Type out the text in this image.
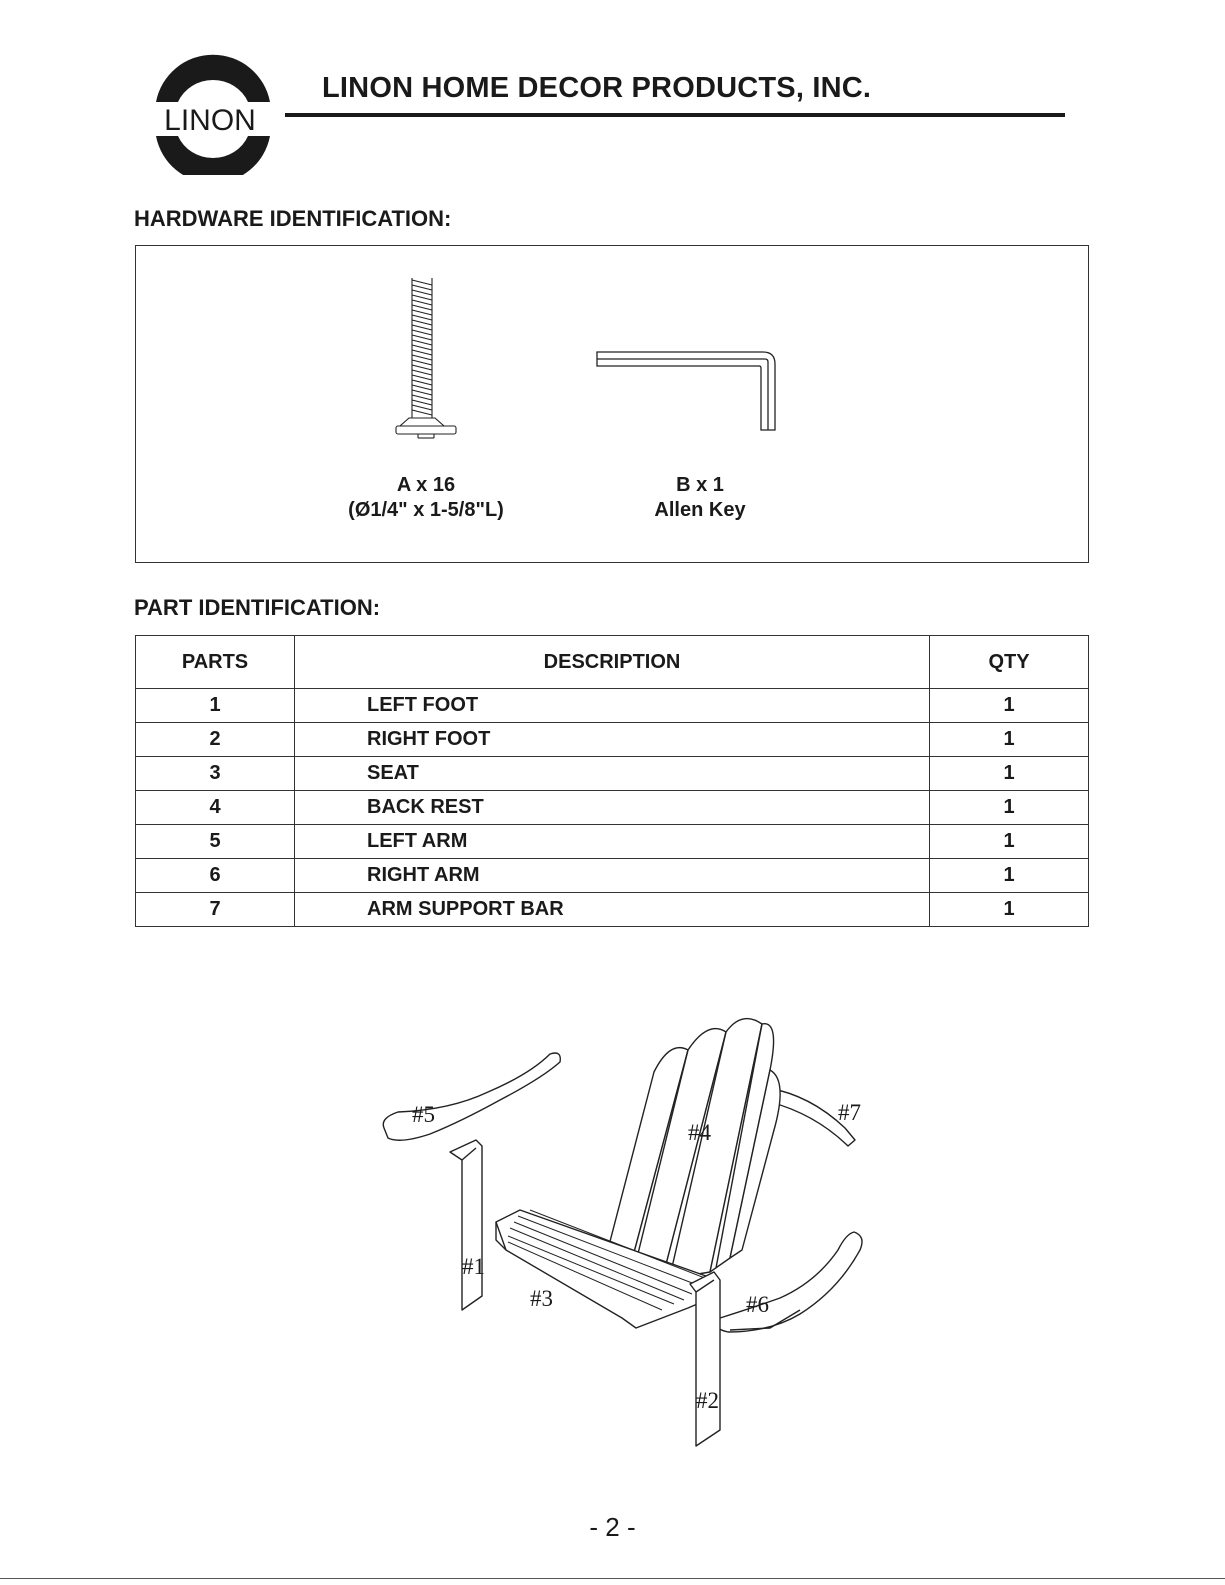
LINON
LINON HOME DECOR PRODUCTS, INC.
HARDWARE IDENTIFICATION:
A x 16
(Ø1/4" x 1-5/8"L)
B x 1
Allen Key
PART IDENTIFICATION:
PARTS	DESCRIPTION	QTY
1	LEFT FOOT	1
2	RIGHT FOOT	1
3	SEAT	1
4	BACK REST	1
5	LEFT ARM	1
6	RIGHT ARM	1
7	ARM SUPPORT BAR	1
#5
#4
#7
#1
#3	#6
#2
- 2 -
